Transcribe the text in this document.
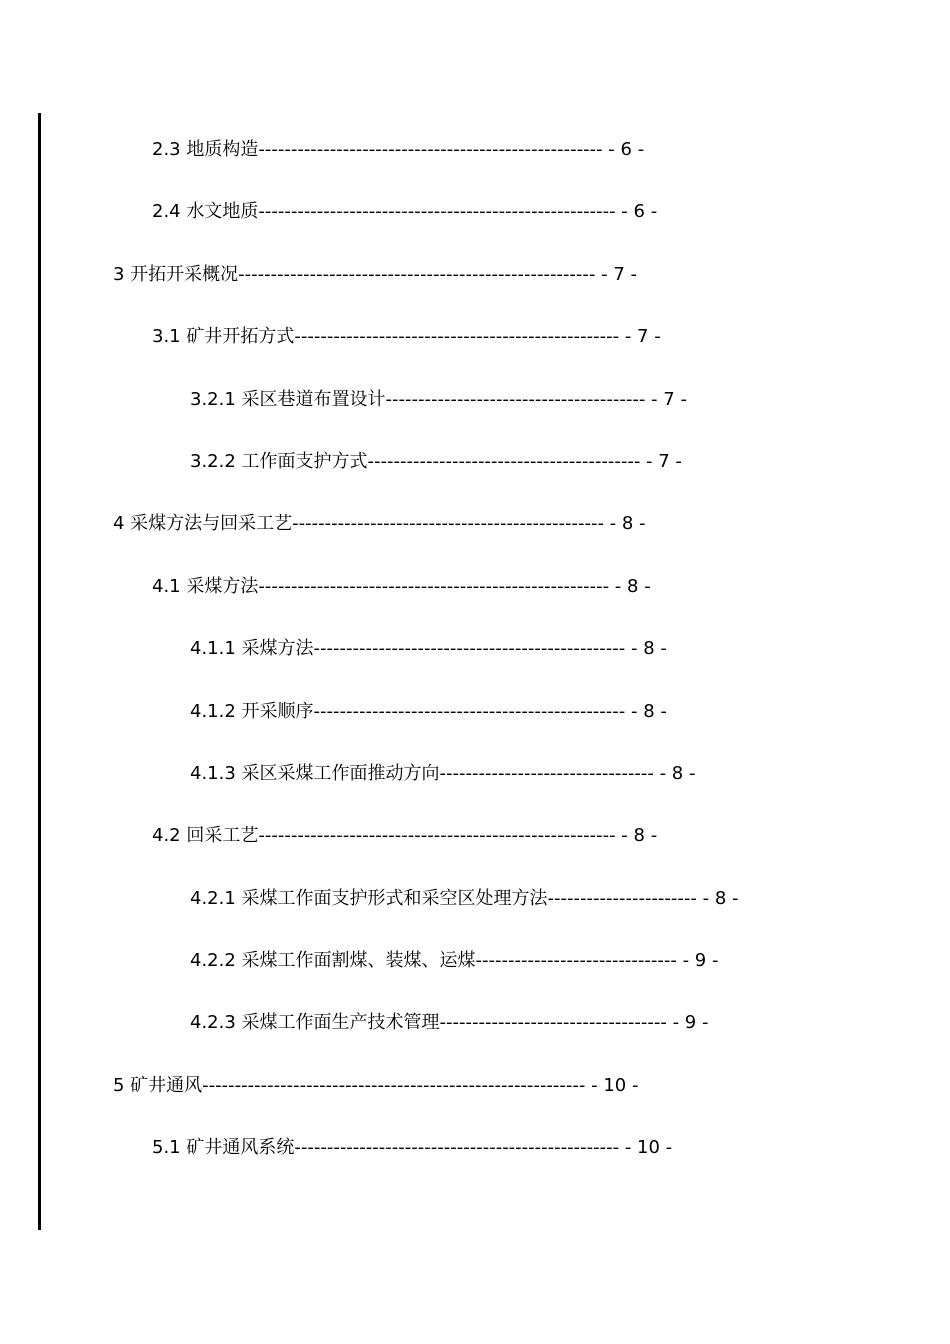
2.3 地质构造----------------------------------------------------- - 6 -
2.4 水文地质------------------------------------------------------- - 6 -
3 开拓开采概况------------------------------------------------------- - 7 -
3.1 矿井开拓方式-------------------------------------------------- - 7 -
3.2.1 采区巷道布置设计---------------------------------------- - 7 -
3.2.2 工作面支护方式------------------------------------------ - 7 -
4 采煤方法与回采工艺------------------------------------------------ - 8 -
4.1 采煤方法------------------------------------------------------ - 8 -
4.1.1 采煤方法------------------------------------------------ - 8 -
4.1.2 开采顺序------------------------------------------------ - 8 -
4.1.3 采区采煤工作面推动方向--------------------------------- - 8 -
4.2 回采工艺------------------------------------------------------- - 8 -
4.2.1 采煤工作面支护形式和采空区处理方法----------------------- - 8 -
4.2.2 采煤工作面割煤、装煤、运煤------------------------------- - 9 -
4.2.3 采煤工作面生产技术管理----------------------------------- - 9 -
5 矿井通风----------------------------------------------------------- - 10 -
5.1 矿井通风系统-------------------------------------------------- - 10 -
